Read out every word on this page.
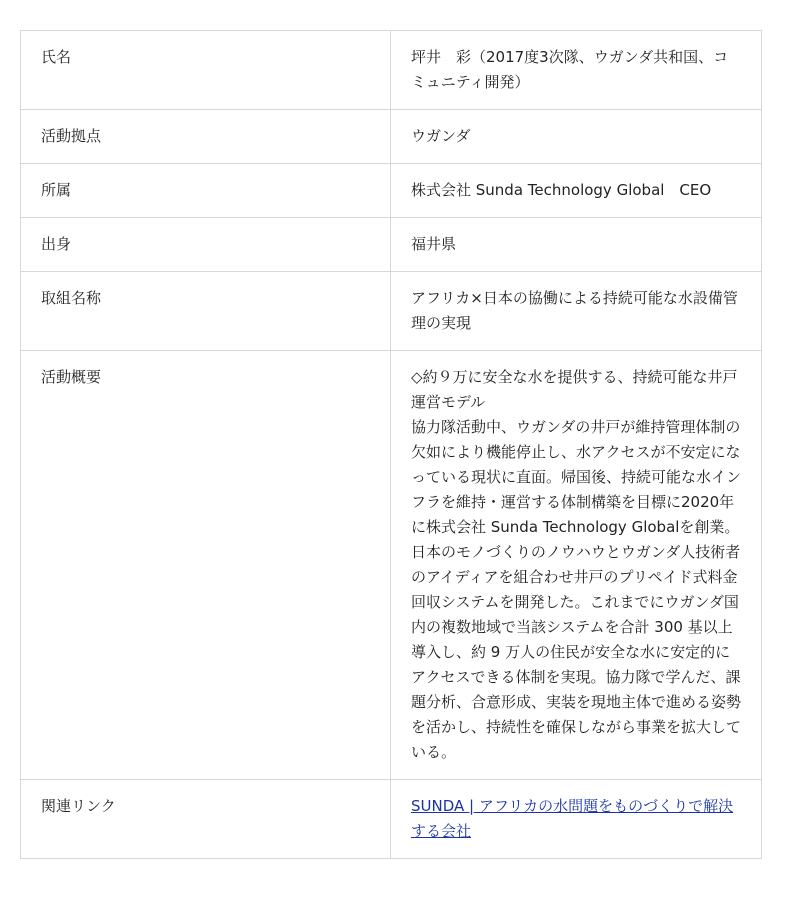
氏名	坪井　彩（2017度3次隊、ウガンダ共和国、コミュニティ開発）
活動拠点	ウガンダ
所属	株式会社 Sunda Technology Global　CEO
出身	福井県
取組名称	アフリカ×日本の協働による持続可能な水設備管理の実現
活動概要	◇約９万に安全な水を提供する、持続可能な井戸運営モデル
協力隊活動中、ウガンダの井戸が維持管理体制の欠如により機能停止し、水アクセスが不安定になっている現状に直面。帰国後、持続可能な水インフラを維持・運営する体制構築を目標に2020年に株式会社 Sunda Technology Globalを創業。日本のモノづくりのノウハウとウガンダ人技術者のアイディアを組合わせ井戸のプリペイド式料金回収システムを開発した。これまでにウガンダ国内の複数地域で当該システムを合計 300 基以上導入し、約 9 万人の住民が安全な水に安定的にアクセスできる体制を実現。協力隊で学んだ、課題分析、合意形成、実装を現地主体で進める姿勢を活かし、持続性を確保しながら事業を拡大している。

関連リンク	SUNDA | アフリカの水問題をものづくりで解決する会社
